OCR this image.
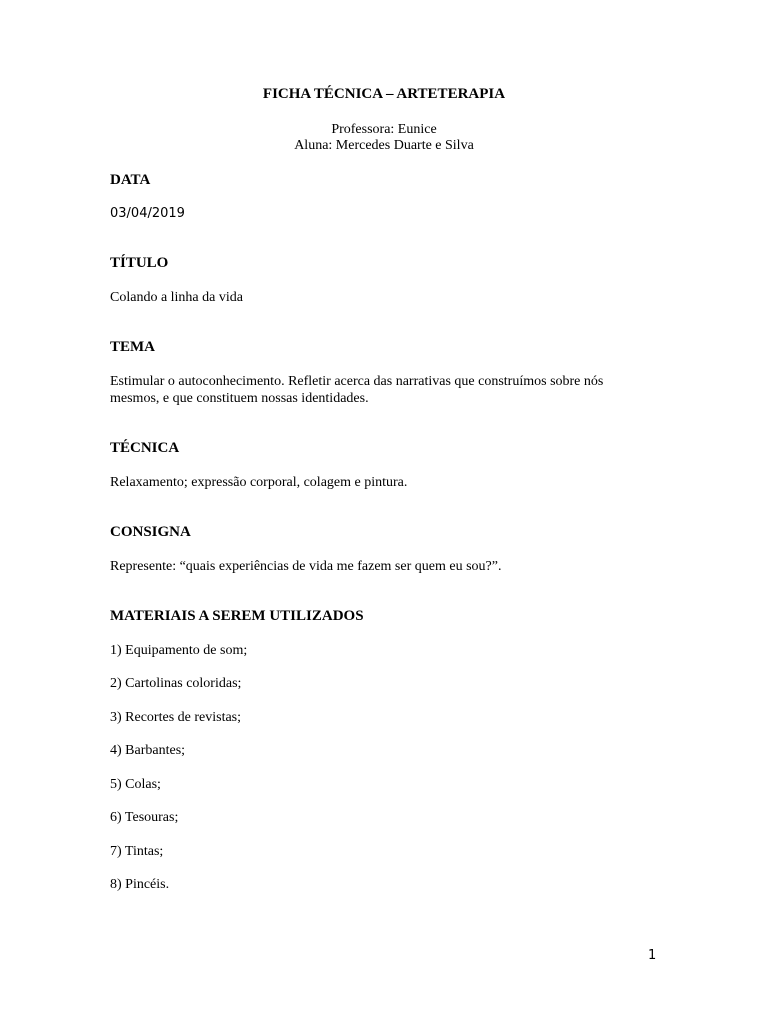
FICHA TÉCNICA – ARTETERAPIA
Professora: Eunice
Aluna: Mercedes Duarte e Silva
DATA
03/04/2019
TÍTULO
Colando a linha da vida
TEMA
Estimular o autoconhecimento. Refletir acerca das narrativas que construímos sobre nós
mesmos, e que constituem nossas identidades.
TÉCNICA
Relaxamento; expressão corporal, colagem e pintura.
CONSIGNA
Represente: “quais experiências de vida me fazem ser quem eu sou?”.
MATERIAIS A SEREM UTILIZADOS
1) Equipamento de som;
2) Cartolinas coloridas;
3) Recortes de revistas;
4) Barbantes;
5) Colas;
6) Tesouras;
7) Tintas;
8) Pincéis.
1
